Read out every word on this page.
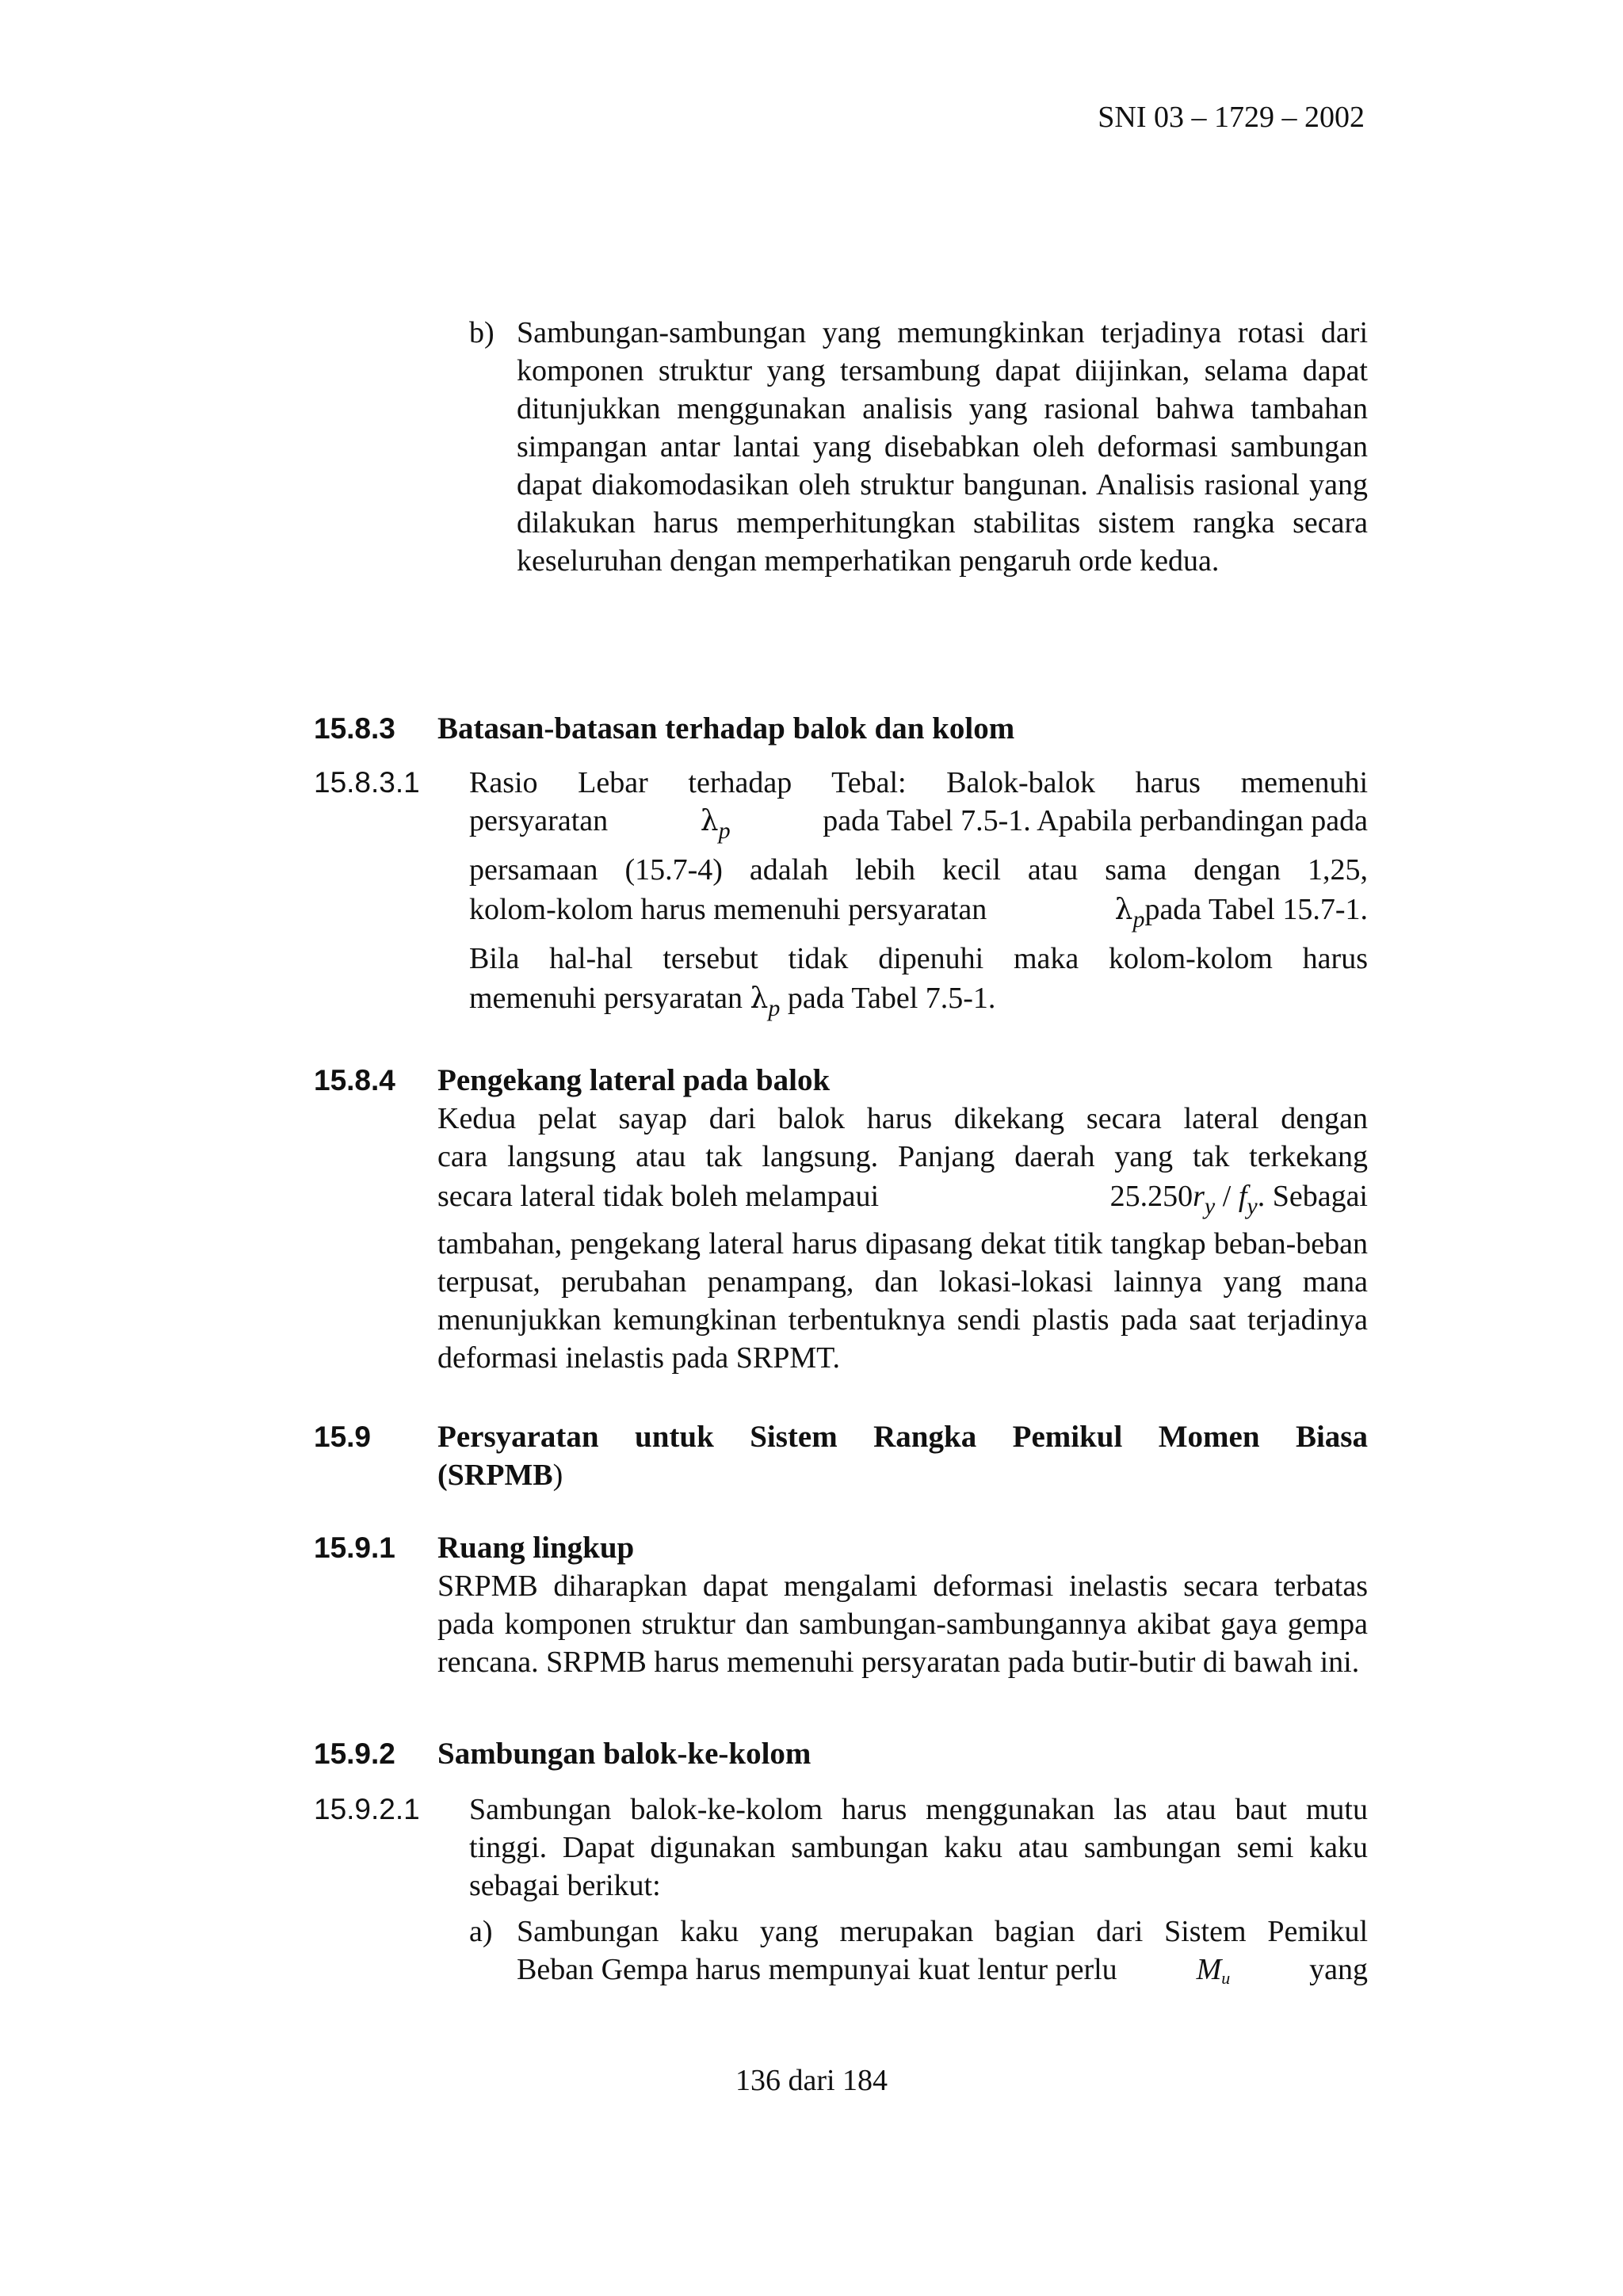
SNI 03 – 1729 – 2002
b) Sambungan-sambungan yang memungkinkan terjadinya rotasi dari komponen struktur yang tersambung dapat diijinkan, selama dapat ditunjukkan menggunakan analisis yang rasional bahwa tambahan simpangan antar lantai yang disebabkan oleh deformasi sambungan dapat diakomodasikan oleh struktur bangunan. Analisis rasional yang dilakukan harus memperhitungkan stabilitas sistem rangka secara keseluruhan dengan memperhatikan pengaruh orde kedua.
15.8.3 Batasan-batasan terhadap balok dan kolom
15.8.3.1 Rasio Lebar terhadap Tebal: Balok-balok harus memenuhi
persyaratan	$\lambda_p$	pada Tabel 7.5-1. Apabila perbandingan pada
persamaan (15.7-4) adalah lebih kecil atau sama dengan 1,25,
kolom-kolom harus memenuhi persyaratan	$\lambda_ppada$ Tabel 15.7-1.
Bila hal-hal tersebut tidak dipenuhi maka kolom-kolom harus
memenuhi persyaratan $\lambda_p$ pada Tabel 7.5-1.
15.8.4 Pengekang lateral pada balok
Kedua pelat sayap dari balok harus dikekang secara lateral dengan
cara langsung atau tak langsung. Panjang daerah yang tak terkekang
secara lateral tidak boleh melampaui	$25.250r_y / f_y$. Sebagai
tambahan, pengekang lateral harus dipasang dekat titik tangkap beban-beban terpusat, perubahan penampang, dan lokasi-lokasi lainnya yang mana menunjukkan kemungkinan terbentuknya sendi plastis pada saat terjadinya deformasi inelastis pada SRPMT.
15.9 Persyaratan untuk Sistem Rangka Pemikul Momen Biasa
(SRPMB)
15.9.1 Ruang lingkup
SRPMB diharapkan dapat mengalami deformasi inelastis secara terbatas pada komponen struktur dan sambungan-sambungannya akibat gaya gempa rencana. SRPMB harus memenuhi persyaratan pada butir-butir di bawah ini.
15.9.2 Sambungan balok-ke-kolom
15.9.2.1 Sambungan balok-ke-kolom harus menggunakan las atau baut mutu tinggi. Dapat digunakan sambungan kaku atau sambungan semi kaku sebagai berikut:
a) Sambungan kaku yang merupakan bagian dari Sistem Pemikul
Beban Gempa harus mempunyai kuat lentur perlu	$M_u$	yang
136 dari 184
